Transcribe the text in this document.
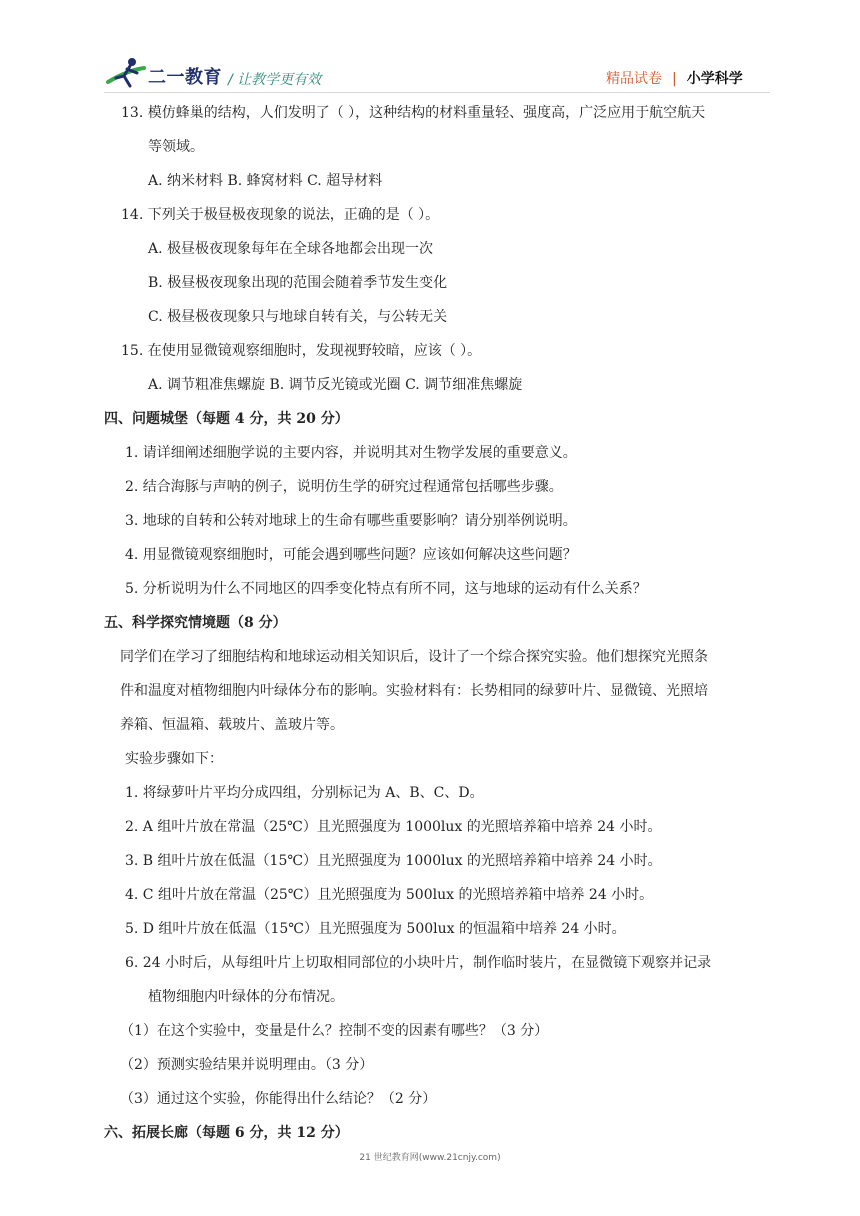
二一教育 / 让教学更有效	精品试卷 | 小学科学
13. 模仿蜂巢的结构，人们发明了（ ），这种结构的材料重量轻、强度高，广泛应用于航空航天
等领域。
A. 纳米材料 B. 蜂窝材料 C. 超导材料
14. 下列关于极昼极夜现象的说法，正确的是（ ）。
A. 极昼极夜现象每年在全球各地都会出现一次
B. 极昼极夜现象出现的范围会随着季节发生变化
C. 极昼极夜现象只与地球自转有关，与公转无关
15. 在使用显微镜观察细胞时，发现视野较暗，应该（ ）。
A. 调节粗准焦螺旋 B. 调节反光镜或光圈 C. 调节细准焦螺旋
四、问题城堡（每题 4 分，共 20 分）
1. 请详细阐述细胞学说的主要内容，并说明其对生物学发展的重要意义。
2. 结合海豚与声呐的例子，说明仿生学的研究过程通常包括哪些步骤。
3. 地球的自转和公转对地球上的生命有哪些重要影响？请分别举例说明。
4. 用显微镜观察细胞时，可能会遇到哪些问题？应该如何解决这些问题？
5. 分析说明为什么不同地区的四季变化特点有所不同，这与地球的运动有什么关系？
五、科学探究情境题（8 分）
同学们在学习了细胞结构和地球运动相关知识后，设计了一个综合探究实验。他们想探究光照条
件和温度对植物细胞内叶绿体分布的影响。实验材料有：长势相同的绿萝叶片、显微镜、光照培
养箱、恒温箱、载玻片、盖玻片等。
实验步骤如下：
1. 将绿萝叶片平均分成四组，分别标记为 A、B、C、D。
2. A 组叶片放在常温（25℃）且光照强度为 1000lux 的光照培养箱中培养 24 小时。
3. B 组叶片放在低温（15℃）且光照强度为 1000lux 的光照培养箱中培养 24 小时。
4. C 组叶片放在常温（25℃）且光照强度为 500lux 的光照培养箱中培养 24 小时。
5. D 组叶片放在低温（15℃）且光照强度为 500lux 的恒温箱中培养 24 小时。
6. 24 小时后，从每组叶片上切取相同部位的小块叶片，制作临时装片，在显微镜下观察并记录
植物细胞内叶绿体的分布情况。
（1）在这个实验中，变量是什么？控制不变的因素有哪些？（3 分）
（2）预测实验结果并说明理由。（3 分）
（3）通过这个实验，你能得出什么结论？（2 分）
六、拓展长廊（每题 6 分，共 12 分）
21 世纪教育网(www.21cnjy.com)
